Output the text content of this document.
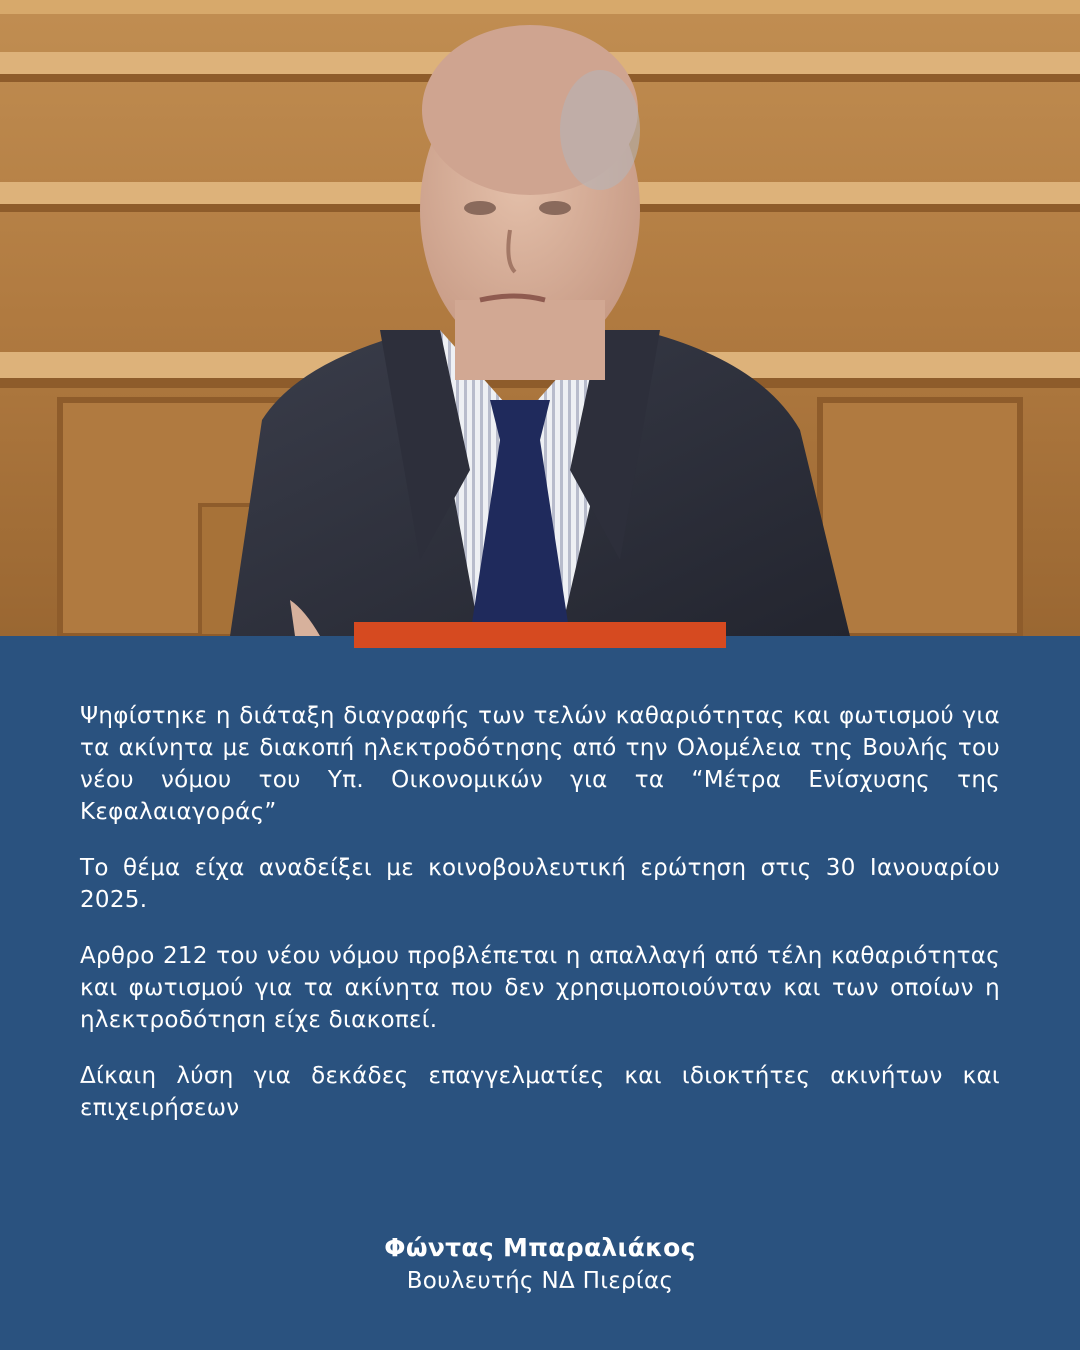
Ψηφίστηκε η διάταξη διαγραφής των τελών καθαριότητας και φωτισμού για τα ακίνητα με διακοπή ηλεκτροδότησης από την Ολομέλεια της Βουλής του νέου νόμου του Υπ. Οικονομικών για τα “Μέτρα Ενίσχυσης της Κεφαλαιαγοράς”

Το θέμα είχα αναδείξει με κοινοβουλευτική ερώτηση στις 30 Ιανουαρίου 2025.

Αρθρο 212 του νέου νόμου προβλέπεται η απαλλαγή από τέλη καθαριότητας και φωτισμού για τα ακίνητα που δεν χρησιμοποιούνταν και των οποίων η ηλεκτροδότηση είχε διακοπεί.

Δίκαιη λύση για δεκάδες επαγγελματίες και ιδιοκτήτες ακινήτων και επιχειρήσεων

Φώντας Μπαραλιάκος
Βουλευτής ΝΔ Πιερίας
